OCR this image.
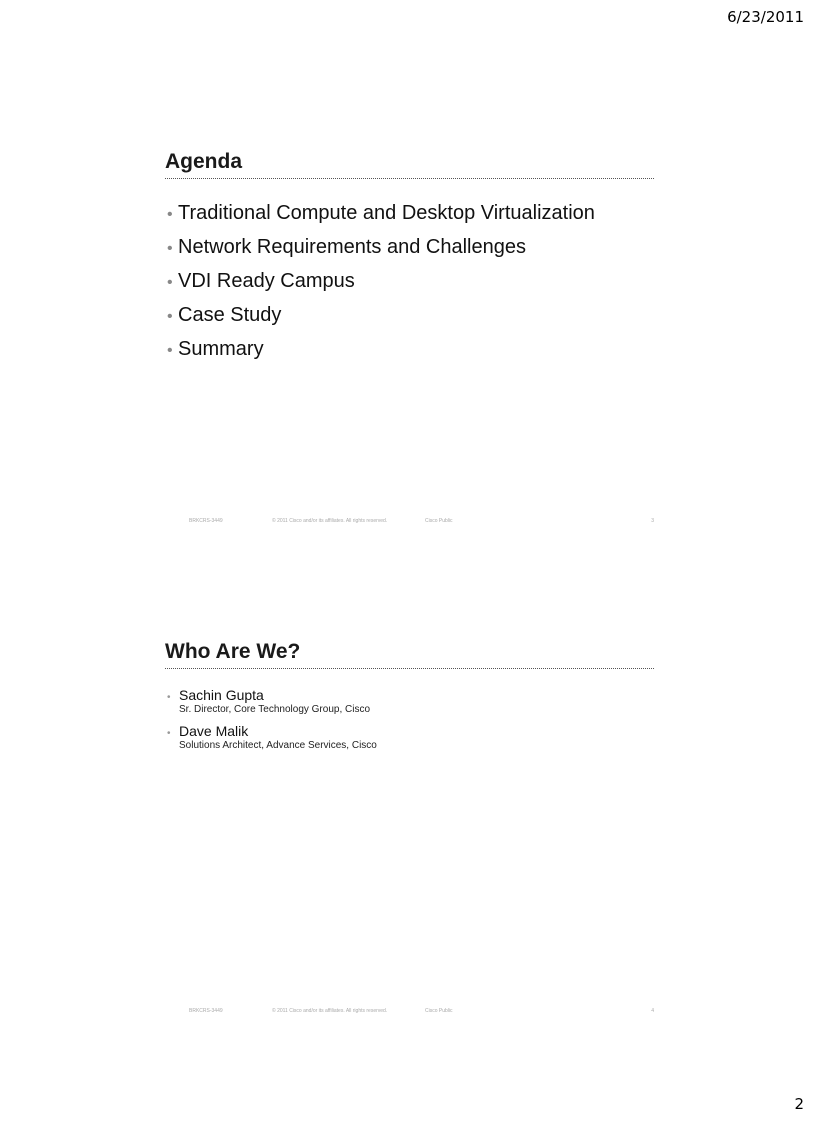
6/23/2011
Agenda
• Traditional Compute and Desktop Virtualization
• Network Requirements and Challenges
• VDI Ready Campus
• Case Study
• Summary
BRKCRS-3449	© 2011 Cisco and/or its affiliates. All rights reserved.	Cisco Public	3
Who Are We?
• Sachin Gupta
Sr. Director, Core Technology Group, Cisco
• Dave Malik
Solutions Architect, Advance Services, Cisco
BRKCRS-3449	© 2011 Cisco and/or its affiliates. All rights reserved.	Cisco Public	4
2
